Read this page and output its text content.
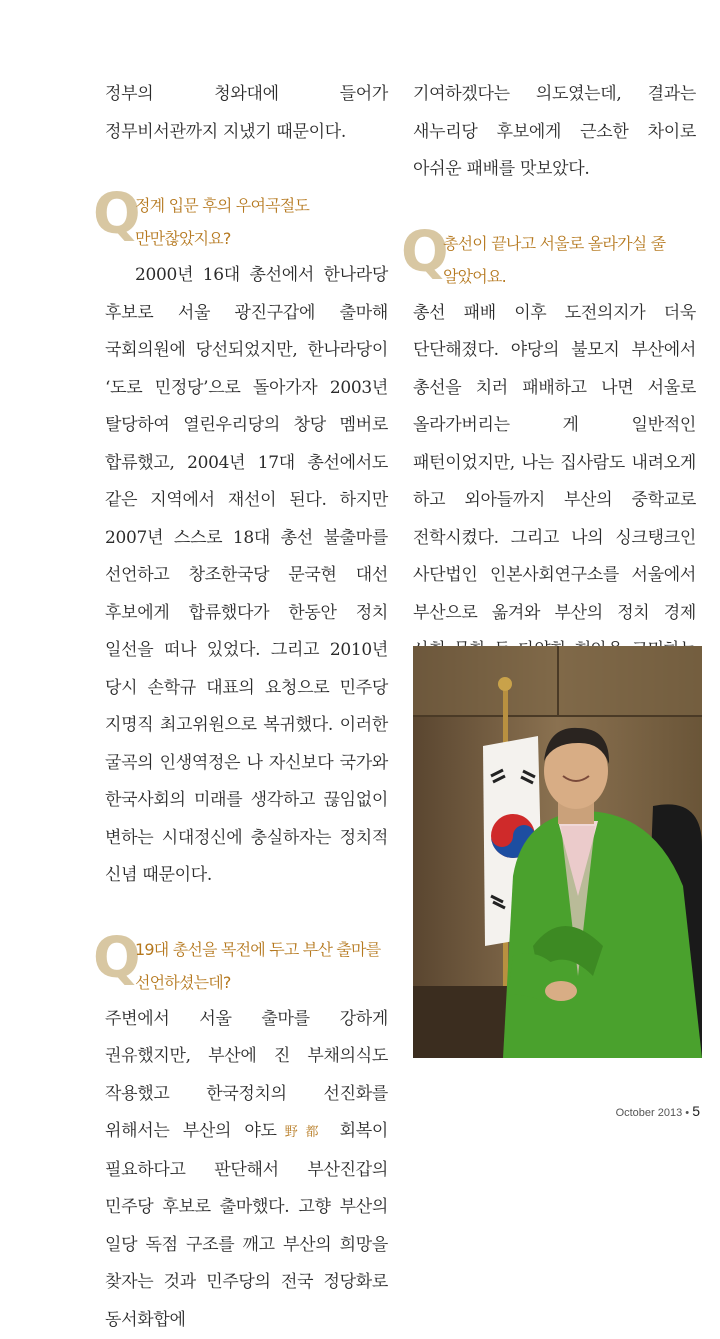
정부의 청와대에 들어가 정무비서관까지 지냈기 때문이다.

Q

정계 입문 후의 우여곡절도 만만찮았지요?

2000년 16대 총선에서 한나라당 후보로 서울 광진구갑에 출마해 국회의원에 당선되었지만, 한나라당이 ‘도로 민정당’으로 돌아가자 2003년 탈당하여 열린우리당의 창당 멤버로 합류했고, 2004년 17대 총선에서도 같은 지역에서 재선이 된다. 하지만 2007년 스스로 18대 총선 불출마를 선언하고 창조한국당 문국현 대선 후보에게 합류했다가 한동안 정치 일선을 떠나 있었다. 그리고 2010년 당시 손학규 대표의 요청으로 민주당 지명직 최고위원으로 복귀했다. 이러한 굴곡의 인생역정은 나 자신보다 국가와 한국사회의 미래를 생각하고 끊임없이 변하는 시대정신에 충실하자는 정치적 신념 때문이다.

Q

19대 총선을 목전에 두고 부산 출마를 선언하셨는데?

주변에서 서울 출마를 강하게 권유했지만, 부산에 진 부채의식도 작용했고 한국정치의 선진화를 위해서는 부산의 야도野都 회복이 필요하다고 판단해서 부산진갑의 민주당 후보로 출마했다. 고향 부산의 일당 독점 구조를 깨고 부산의 희망을 찾자는 것과 민주당의 전국 정당화로 동서화합에

기여하겠다는 의도였는데, 결과는 새누리당 후보에게 근소한 차이로 아쉬운 패배를 맛보았다.

Q

총선이 끝나고 서울로 올라가실 줄 알았어요.

총선 패배 이후 도전의지가 더욱 단단해졌다. 야당의 불모지 부산에서 총선을 치러 패배하고 나면 서울로 올라가버리는 게 일반적인 패턴이었지만, 나는 집사람도 내려오게 하고 외아들까지 부산의 중학교로 전학시켰다. 그리고 나의 싱크탱크인 사단법인 인본사회연구소를 서울에서 부산으로 옮겨와 부산의 정치 경제

October 2013 • 5
